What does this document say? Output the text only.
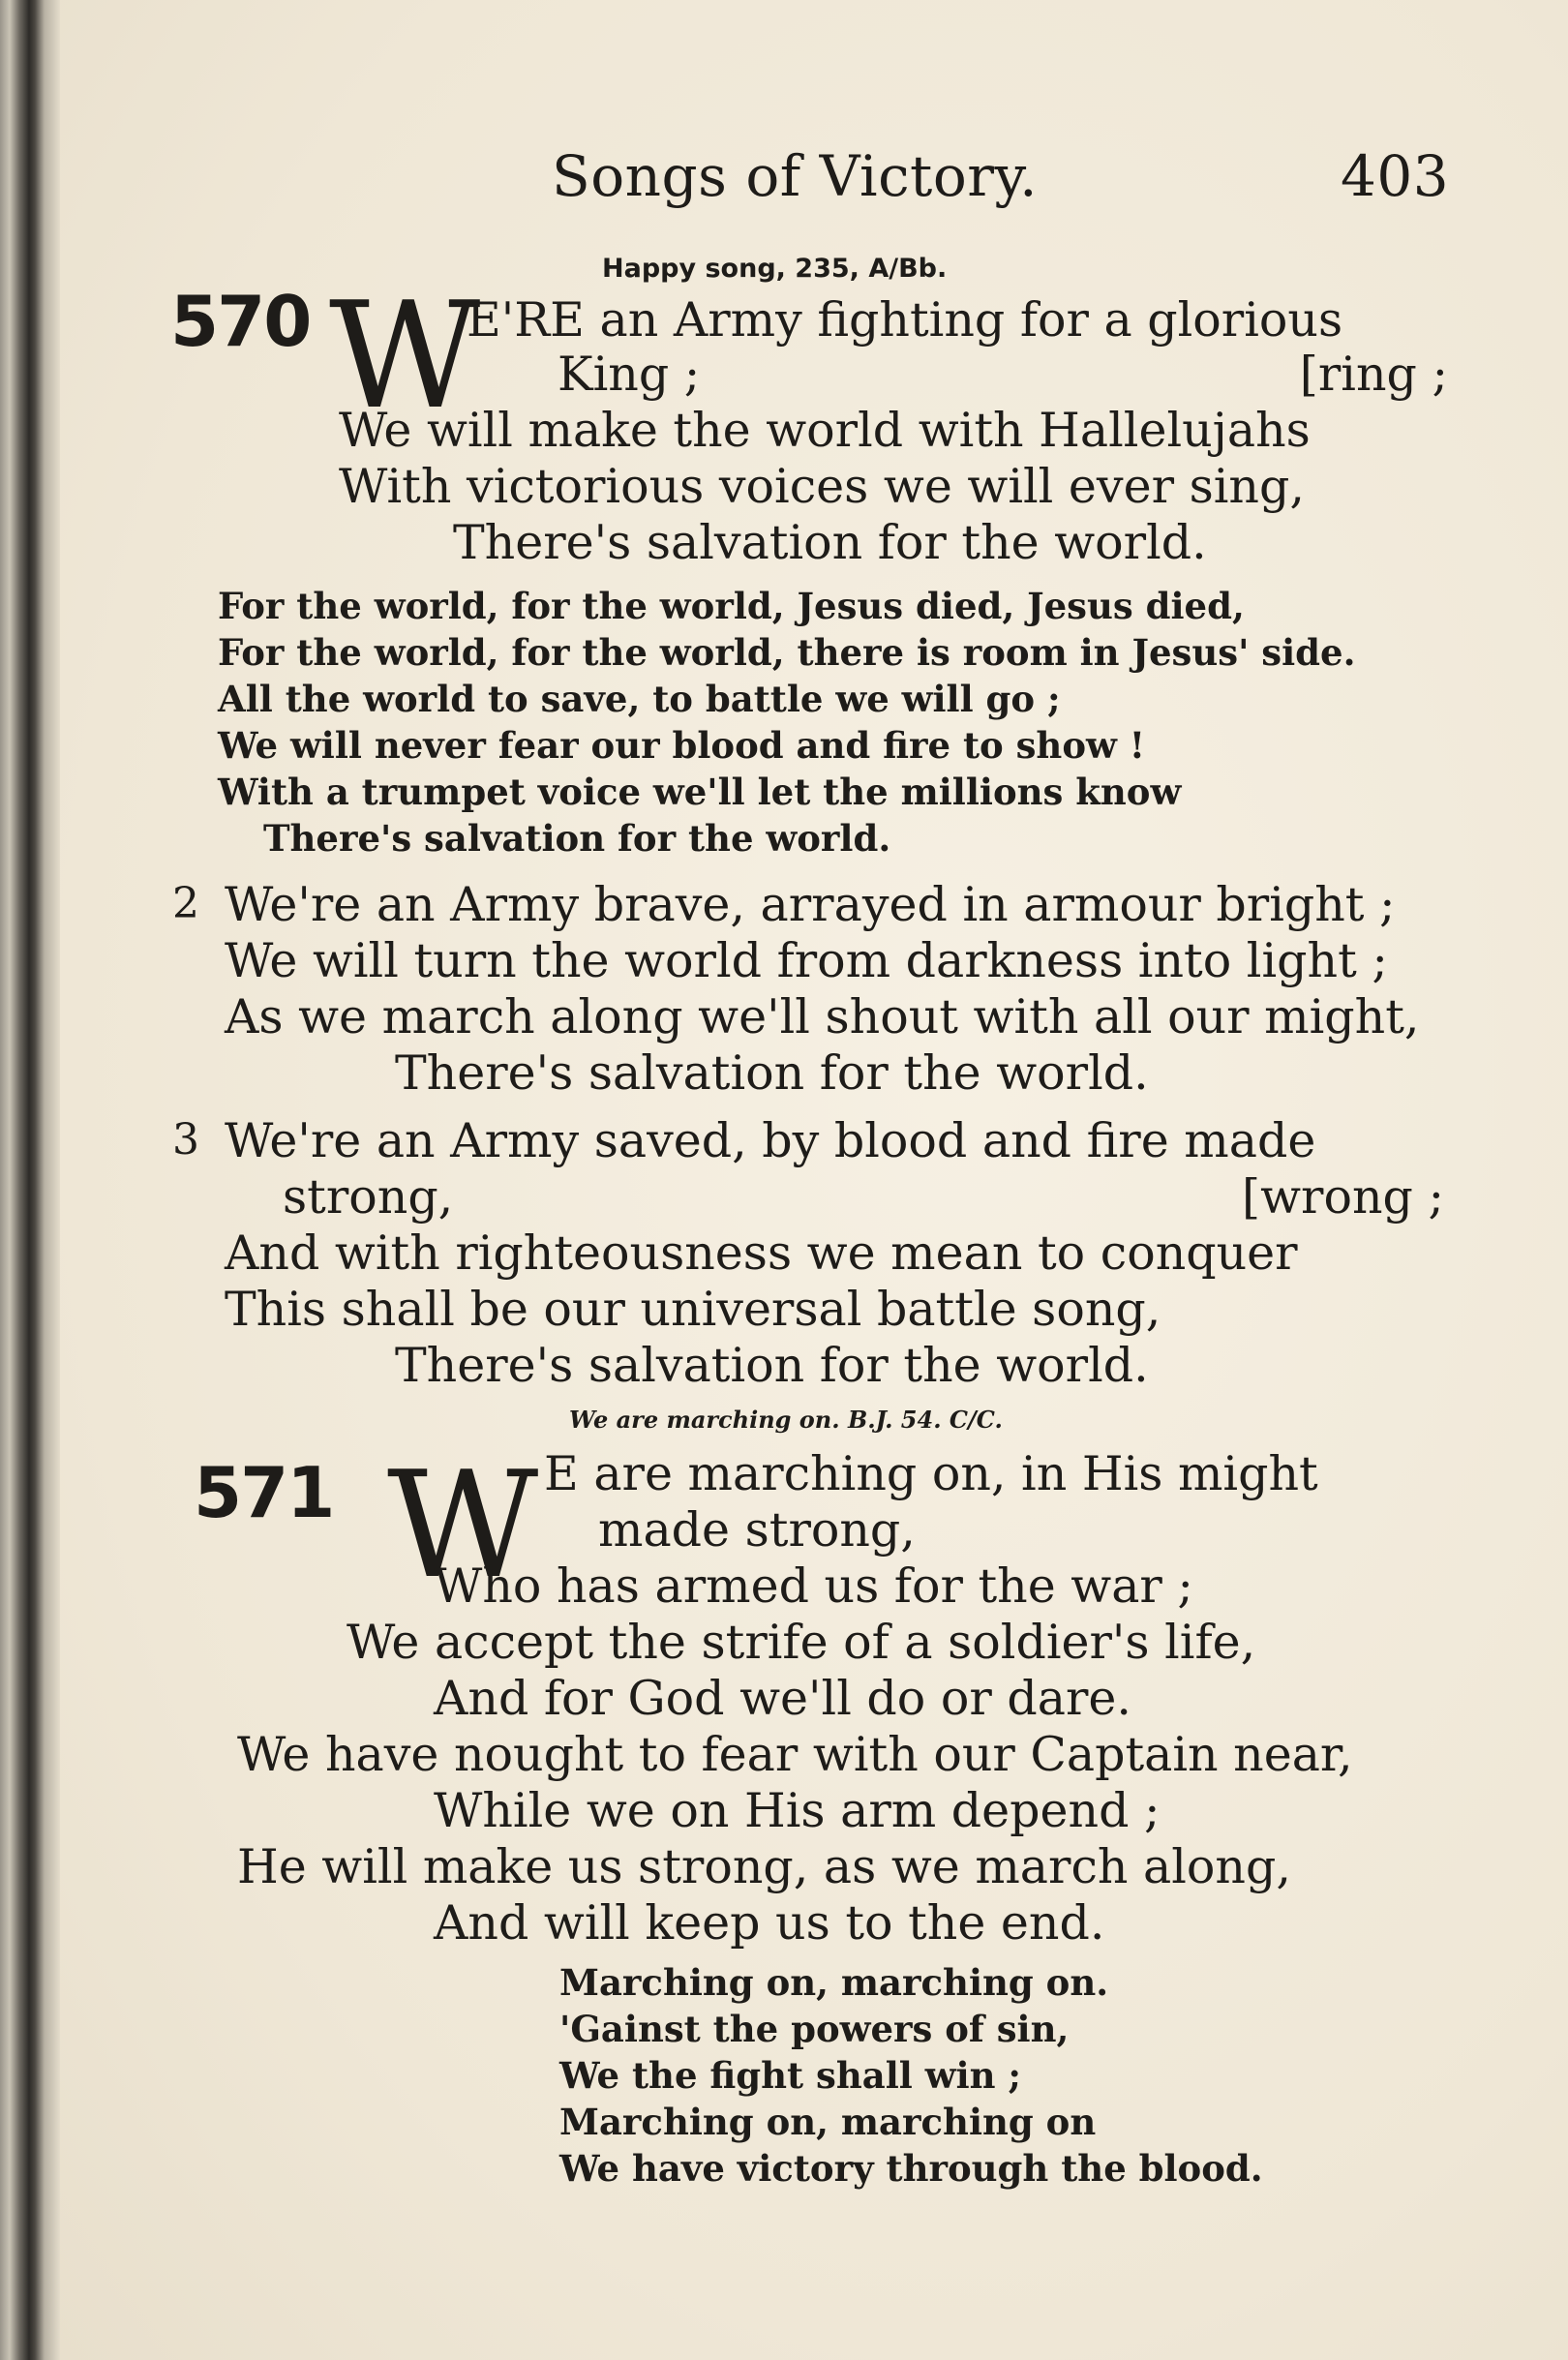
Songs of Victory.	403
Happy song, 235, A/Bb.
570 W
E'RE an Army fighting for a glorious
King ;	[ring ;
We will make the world with Hallelujahs
With victorious voices we will ever sing,
There's salvation for the world.
For the world, for the world, Jesus died, Jesus died,
For the world, for the world, there is room in Jesus' side.
All the world to save, to battle we will go ;
We will never fear our blood and fire to show !
With a trumpet voice we'll let the millions know
There's salvation for the world.
2 We're an Army brave, arrayed in armour bright ;
We will turn the world from darkness into light ;
As we march along we'll shout with all our might,
There's salvation for the world.
3 We're an Army saved, by blood and fire made
strong,	[wrong ;
And with righteousness we mean to conquer
This shall be our universal battle song,
There's salvation for the world.
We are marching on. B.J. 54. C/C.
571 W E are marching on, in His might
made strong,
Who has armed us for the war ;
We accept the strife of a soldier's life,
And for God we'll do or dare.
We have nought to fear with our Captain near,
While we on His arm depend ;
He will make us strong, as we march along,
And will keep us to the end.
Marching on, marching on.
'Gainst the powers of sin,
We the fight shall win ;
Marching on, marching on
We have victory through the blood.
